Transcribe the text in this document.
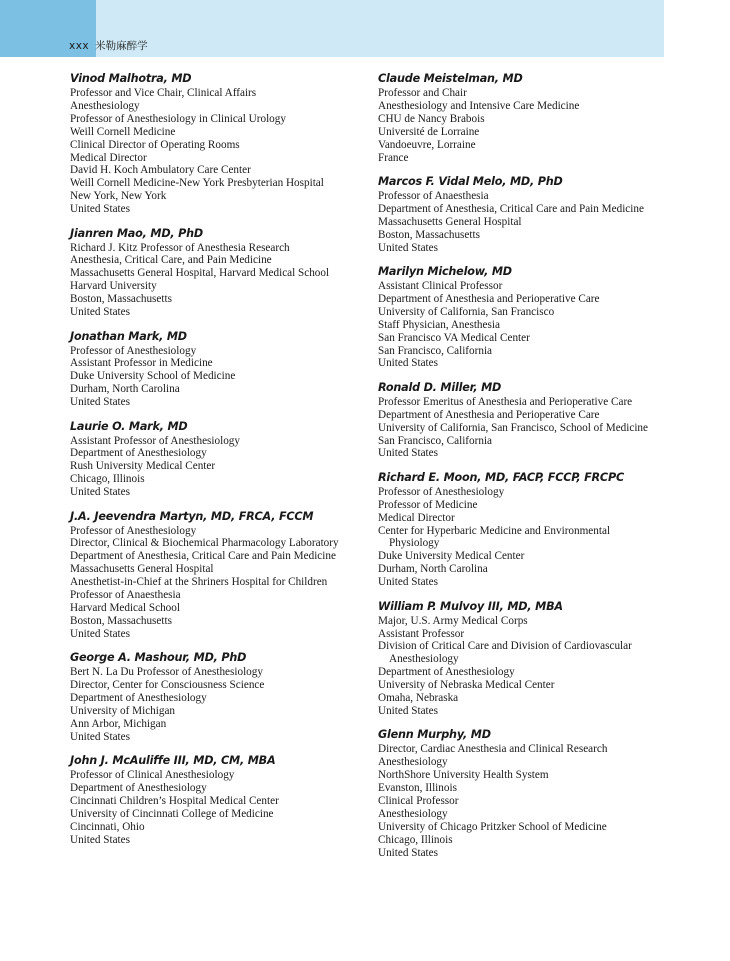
xxx 米勒麻醉学
Vinod Malhotra, MD
Professor and Vice Chair, Clinical Affairs
Anesthesiology
Professor of Anesthesiology in Clinical Urology
Weill Cornell Medicine
Clinical Director of Operating Rooms
Medical Director
David H. Koch Ambulatory Care Center
Weill Cornell Medicine-New York Presbyterian Hospital
New York, New York
United States
Jianren Mao, MD, PhD
Richard J. Kitz Professor of Anesthesia Research
Anesthesia, Critical Care, and Pain Medicine
Massachusetts General Hospital, Harvard Medical School
Harvard University
Boston, Massachusetts
United States
Jonathan Mark, MD
Professor of Anesthesiology
Assistant Professor in Medicine
Duke University School of Medicine
Durham, North Carolina
United States
Laurie O. Mark, MD
Assistant Professor of Anesthesiology
Department of Anesthesiology
Rush University Medical Center
Chicago, Illinois
United States
J.A. Jeevendra Martyn, MD, FRCA, FCCM
Professor of Anesthesiology
Director, Clinical & Biochemical Pharmacology Laboratory
Department of Anesthesia, Critical Care and Pain Medicine
Massachusetts General Hospital
Anesthetist-in-Chief at the Shriners Hospital for Children
Professor of Anaesthesia
Harvard Medical School
Boston, Massachusetts
United States
George A. Mashour, MD, PhD
Bert N. La Du Professor of Anesthesiology
Director, Center for Consciousness Science
Department of Anesthesiology
University of Michigan
Ann Arbor, Michigan
United States
John J. McAuliffe III, MD, CM, MBA
Professor of Clinical Anesthesiology
Department of Anesthesiology
Cincinnati Children’s Hospital Medical Center
University of Cincinnati College of Medicine
Cincinnati, Ohio
United States
Claude Meistelman, MD
Professor and Chair
Anesthesiology and Intensive Care Medicine
CHU de Nancy Brabois
Université de Lorraine
Vandoeuvre, Lorraine
France
Marcos F. Vidal Melo, MD, PhD
Professor of Anaesthesia
Department of Anesthesia, Critical Care and Pain Medicine
Massachusetts General Hospital
Boston, Massachusetts
United States
Marilyn Michelow, MD
Assistant Clinical Professor
Department of Anesthesia and Perioperative Care
University of California, San Francisco
Staff Physician, Anesthesia
San Francisco VA Medical Center
San Francisco, California
United States
Ronald D. Miller, MD
Professor Emeritus of Anesthesia and Perioperative Care
Department of Anesthesia and Perioperative Care
University of California, San Francisco, School of Medicine
San Francisco, California
United States
Richard E. Moon, MD, FACP, FCCP, FRCPC
Professor of Anesthesiology
Professor of Medicine
Medical Director
Center for Hyperbaric Medicine and Environmental
Physiology
Duke University Medical Center
Durham, North Carolina
United States
William P. Mulvoy III, MD, MBA
Major, U.S. Army Medical Corps
Assistant Professor
Division of Critical Care and Division of Cardiovascular
Anesthesiology
Department of Anesthesiology
University of Nebraska Medical Center
Omaha, Nebraska
United States
Glenn Murphy, MD
Director, Cardiac Anesthesia and Clinical Research
Anesthesiology
NorthShore University Health System
Evanston, Illinois
Clinical Professor
Anesthesiology
University of Chicago Pritzker School of Medicine
Chicago, Illinois
United States
